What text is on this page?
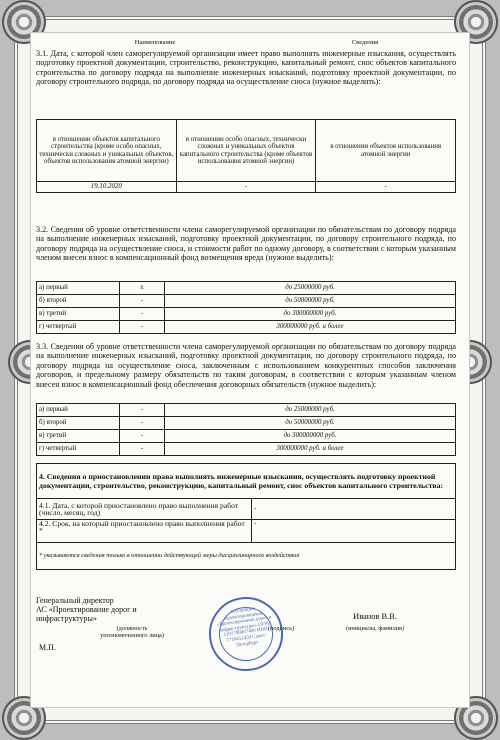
Наименование	Сведения
3.1. Дата, с которой член саморегулируемой организации имеет право выполнять инженерные изыскания, осуществлять подготовку проектной документации, строительство, реконструкцию, капитальный ремонт, снос объектов капитального строительства по договору подряда на выполнение инженерных изысканий, подготовку проектной документации, по договору строительного подряда, по договору подряда на осуществление сноса (нужное выделить):
в отношении объектов капитального строительства (кроме особо опасных, технически сложных и уникальных объектов, объектов использования атомной энергии)	в отношении особо опасных, технически сложных и уникальных объектов капитального строительства (кроме объектов использования атомной энергии)	в отношении объектов использования атомной энергии
19.10.2020	-	-
3.2. Сведения об уровне ответственности члена саморегулируемой организации по обязательствам по договору подряда на выполнение инженерных изысканий, подготовку проектной документации, по договору строительного подряда, по договору подряда на осуществление сноса, и стоимости работ по одному договору, в соответствии с которым указанным членом внесен взнос в компенсационный фонд возмещения вреда (нужное выделить):
а) первый	x	до 25000000 руб.
б) второй	-	до 50000000 руб.
в) третий	-	до 300000000 руб.
г) четвертый	-	300000000 руб. и более
3.3. Сведения об уровне ответственности члена саморегулируемой организации по обязательствам по договору подряда на выполнение инженерных изысканий, подготовку проектной документации, по договору строительного подряда, по договору подряда на осуществление сноса, заключенным с использованием конкурентных способов заключения договоров, и предельному размеру обязательств по таким договорам, в соответствии с которым указанным членом внесен взнос в компенсационный фонд обеспечения договорных обязательств (нужное выделить):
а) первый	-	до 25000000 руб.
б) второй	-	до 50000000 руб.
в) третий	-	до 300000000 руб.
г) четвертый	-	300000000 руб. и более
4. Сведения о приостановлении права выполнять инженерные изыскания, осуществлять подготовку проектной документации, строительство, реконструкцию, капитальный ремонт, снос объектов капитального строительства:	
4.1. Дата, с которой приостановлено право выполнения работ (число, месяц, год)	-
4.2. Срок, на который приостановлено право выполнения работ *	-
* указываются сведения только в отношении действующей меры дисциплинарного воздействия	
Генеральный директор
АС «Проектирование дорог и инфраструктуры»
(должность уполномоченного лица)
(подпись)
Иванов В.В.
(инициалы, фамилия)
М.П.
ассоциация проектировщиков «Проектирование дорог и инфраструктуры» ОГРН 1107799007409 ИНН 7710451459 Санкт-Петербург
